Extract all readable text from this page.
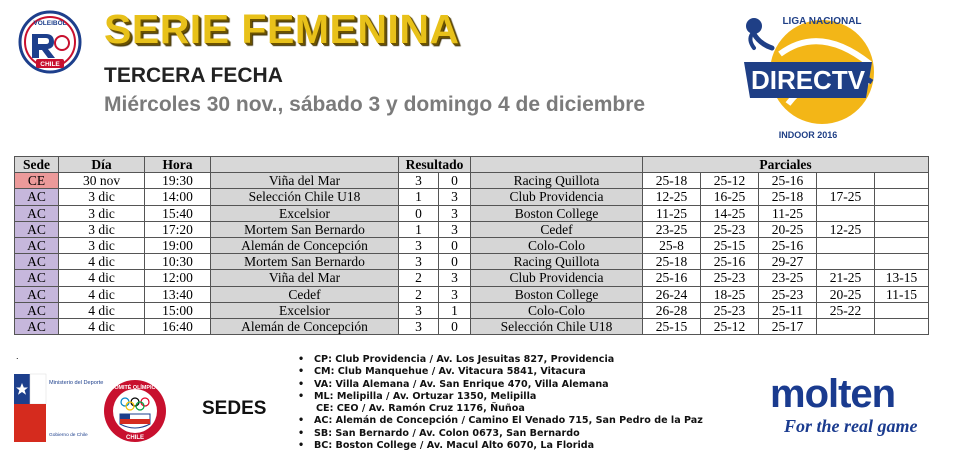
VOLEIBOL
CHILE
SERIE FEMENINA
TERCERA FECHA
Miércoles 30 nov., sábado 3 y domingo 4 de diciembre
LIGA NACIONAL
DIRECTV
INDOOR 2016
Sede	Día	Hora		Resultado			Parciales				
CE	30 nov	19:30	Viña del Mar	3	0	Racing Quillota	25-18	25-12	25-16		
AC	3 dic	14:00	Selección Chile U18	1	3	Club Providencia	12-25	16-25	25-18	17-25	
AC	3 dic	15:40	Excelsior	0	3	Boston College	11-25	14-25	11-25		
AC	3 dic	17:20	Mortem San Bernardo	1	3	Cedef	23-25	25-23	20-25	12-25	
AC	3 dic	19:00	Alemán de Concepción	3	0	Colo-Colo	25-8	25-15	25-16		
AC	4 dic	10:30	Mortem San Bernardo	3	0	Racing Quillota	25-18	25-16	29-27		
AC	4 dic	12:00	Viña del Mar	2	3	Club Providencia	25-16	25-23	23-25	21-25	13-15
AC	4 dic	13:40	Cedef	2	3	Boston College	26-24	18-25	25-23	20-25	11-15
AC	4 dic	15:00	Excelsior	3	1	Colo-Colo	26-28	25-23	25-11	25-22	
AC	4 dic	16:40	Alemán de Concepción	3	0	Selección Chile U18	25-15	25-12	25-17		
.
Ministerio del Deporte
Gobierno de Chile
COMITÉ OLÍMPICO
CHILE
SEDES
• CP: Club Providencia / Av. Los Jesuitas 827, Providencia
• CM: Club Manquehue / Av. Vitacura 5841, Vitacura
• VA: Villa Alemana / Av. San Enrique 470, Villa Alemana
• ML: Melipilla / Av. Ortuzar 1350, Melipilla
CE: CEO / Av. Ramón Cruz 1176, Ñuñoa
• AC: Alemán de Concepción / Camino El Venado 715, San Pedro de la Paz
• SB: San Bernardo / Av. Colon 0673, San Bernardo
• BC: Boston College / Av. Macul Alto 6070, La Florida
molten
For the real game
